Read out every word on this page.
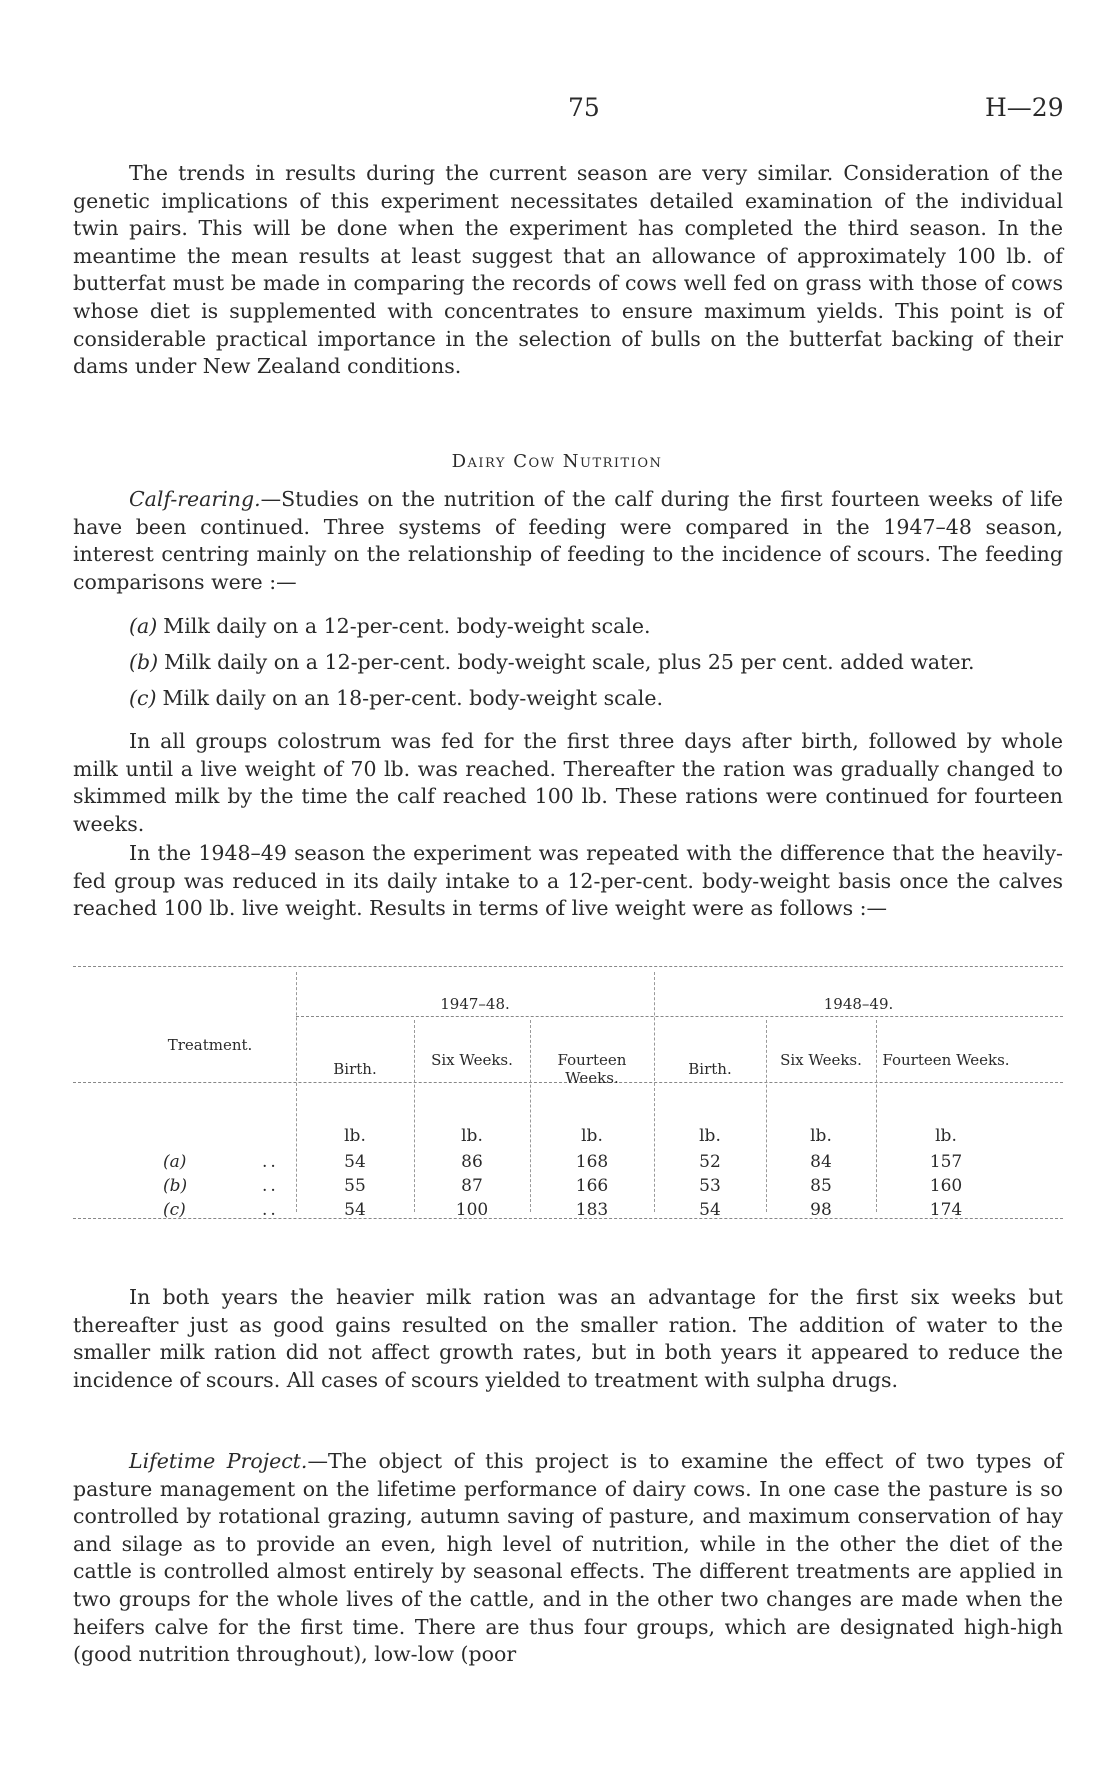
75	H—29

The trends in results during the current season are very similar. Consideration of the genetic implications of this experiment necessitates detailed examination of the individual twin pairs. This will be done when the experiment has completed the third season. In the meantime the mean results at least suggest that an allowance of approximately 100 lb. of butterfat must be made in comparing the records of cows well fed on grass with those of cows whose diet is supplemented with concentrates to ensure maximum yields. This point is of considerable practical importance in the selection of bulls on the butterfat backing of their dams under New Zealand conditions.

Dairy Cow Nutrition

Calf-rearing.—Studies on the nutrition of the calf during the first fourteen weeks of life have been continued. Three systems of feeding were compared in the 1947–48 season, interest centring mainly on the relationship of feeding to the incidence of scours. The feeding comparisons were :—

(a) Milk daily on a 12-per-cent. body-weight scale.
(b) Milk daily on a 12-per-cent. body-weight scale, plus 25 per cent. added water.
(c) Milk daily on an 18-per-cent. body-weight scale.

In all groups colostrum was fed for the first three days after birth, followed by whole milk until a live weight of 70 lb. was reached. Thereafter the ration was gradually changed to skimmed milk by the time the calf reached 100 lb. These rations were continued for fourteen weeks.

In the 1948–49 season the experiment was repeated with the difference that the heavily-fed group was reduced in its daily intake to a 12-per-cent. body-weight basis once the calves reached 100 lb. live weight. Results in terms of live weight were as follows :—

Treatment.
1947–48.	1948–49.
Birth.	Six Weeks.	Fourteen Weeks.	Birth.	Six Weeks.	Fourteen Weeks.
lb.	lb.	lb.	lb.	lb.	lb.
(a)	..	54	86	168	52	84	157
(b)	..	55	87	166	53	85	160
(c)	..	54	100	183	54	98	174

In both years the heavier milk ration was an advantage for the first six weeks but thereafter just as good gains resulted on the smaller ration. The addition of water to the smaller milk ration did not affect growth rates, but in both years it appeared to reduce the incidence of scours. All cases of scours yielded to treatment with sulpha drugs.

Lifetime Project.—The object of this project is to examine the effect of two types of pasture management on the lifetime performance of dairy cows. In one case the pasture is so controlled by rotational grazing, autumn saving of pasture, and maximum conservation of hay and silage as to provide an even, high level of nutrition, while in the other the diet of the cattle is controlled almost entirely by seasonal effects. The different treatments are applied in two groups for the whole lives of the cattle, and in the other two changes are made when the heifers calve for the first time. There are thus four groups, which are designated high-high (good nutrition throughout), low-low (poor
